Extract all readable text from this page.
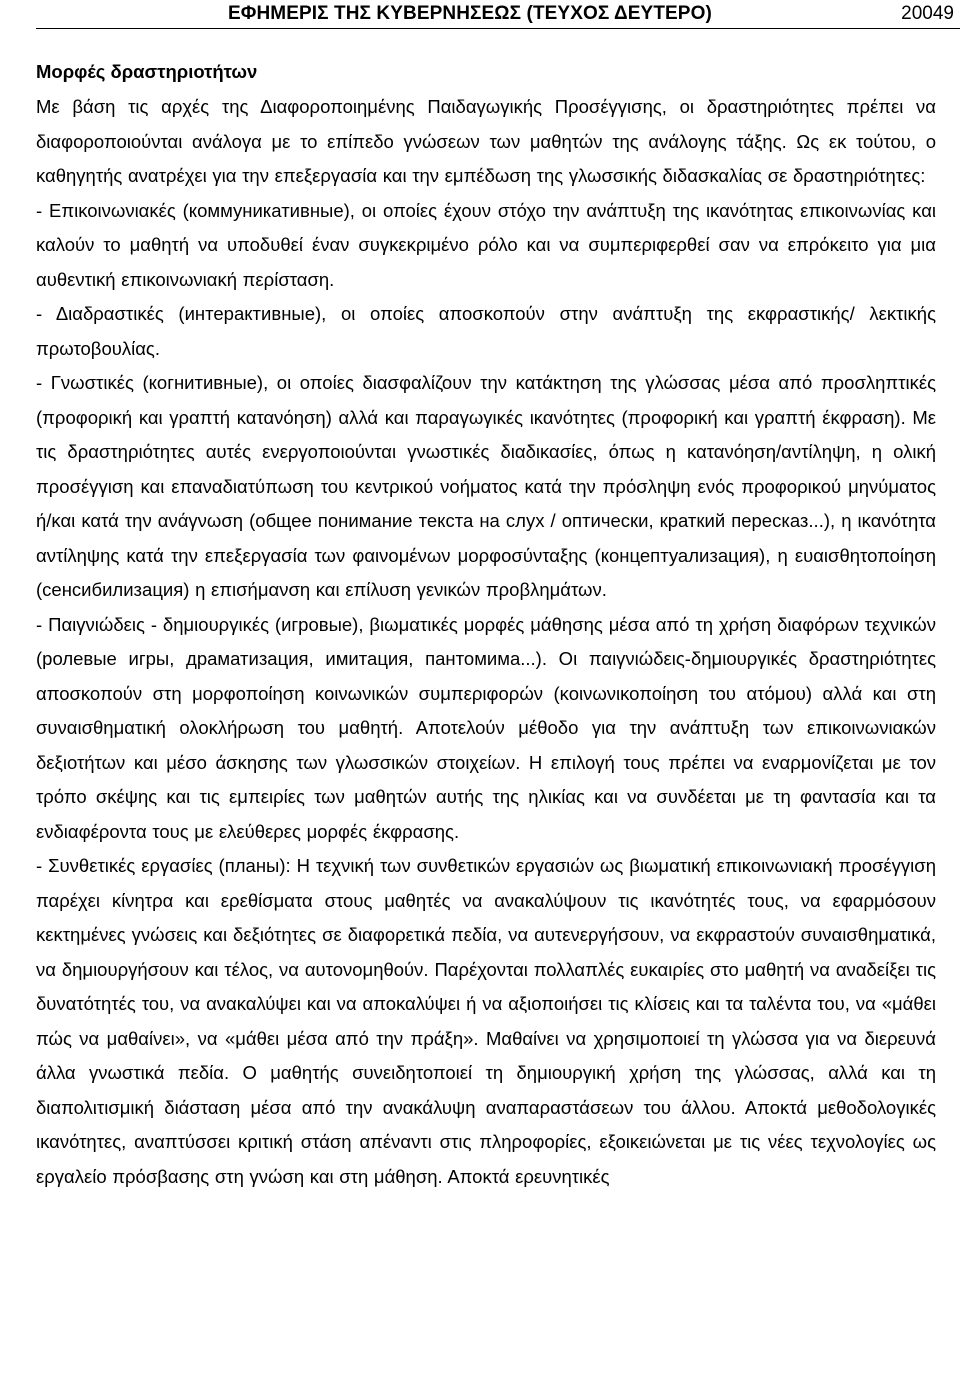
ΕΦΗΜΕΡΙΣ ΤΗΣ ΚΥΒΕΡΝΗΣΕΩΣ (ΤΕΥΧΟΣ ΔΕΥΤΕΡΟ)	20049
Μορφές δραστηριοτήτων

Με βάση τις αρχές της Διαφοροποιημένης Παιδαγωγικής Προσέγγισης, οι δραστηριότητες πρέπει να διαφοροποιούνται ανάλογα με το επίπεδο γνώσεων των μαθητών της ανάλογης τάξης. Ως εκ τούτου, ο καθηγητής ανατρέχει για την επεξεργασία και την εμπέδωση της γλωσσικής διδασκαλίας σε δραστηριότητες:

- Επικοινωνιακές (коммуникативные), οι οποίες έχουν στόχο την ανάπτυξη της ικανότητας επικοινωνίας και καλούν το μαθητή να υποδυθεί έναν συγκεκριμένο ρόλο και να συμπεριφερθεί σαν να επρόκειτο για μια αυθεντική επικοινωνιακή περίσταση.

- Διαδραστικές (интерактивные), οι οποίες αποσκοπούν στην ανάπτυξη της εκφραστικής/ λεκτικής πρωτοβουλίας.

- Γνωστικές (когнитивные), οι οποίες διασφαλίζουν την κατάκτηση της γλώσσας μέσα από προσληπτικές (προφορική και γραπτή κατανόηση) αλλά και παραγωγικές ικανότητες (προφορική και γραπτή έκφραση). Με τις δραστηριότητες αυτές ενεργοποιούνται γνωστικές διαδικασίες, όπως η κατανόηση/αντίληψη, η ολική προσέγγιση και επαναδιατύπωση του κεντρικού νοήματος κατά την πρόσληψη ενός προφορικού μηνύματος ή/και κατά την ανάγνωση (общее понимание текста на слух / оптически, краткий пересказ...), η ικανότητα αντίληψης κατά την επεξεργασία των φαινομένων μορφοσύνταξης (концептуализация), η ευαισθητοποίηση (сенсибилизация) η επισήμανση και επίλυση γενικών προβλημάτων.

- Παιγνιώδεις - δημιουργικές (игровые), βιωματικές μορφές μάθησης μέσα από τη χρήση διαφόρων τεχνικών (ролевые игры, драматизация, имитация, пантомима...). Οι παιγνιώδεις-δημιουργικές δραστηριότητες αποσκοπούν στη μορφοποίηση κοινωνικών συμπεριφορών (κοινωνικοποίηση του ατόμου) αλλά και στη συναισθηματική ολοκλήρωση του μαθητή. Αποτελούν μέθοδο για την ανάπτυξη των επικοινωνιακών δεξιοτήτων και μέσο άσκησης των γλωσσικών στοιχείων. Η επιλογή τους πρέπει να εναρμονίζεται με τον τρόπο σκέψης και τις εμπειρίες των μαθητών αυτής της ηλικίας και να συνδέεται με τη φαντασία και τα ενδιαφέροντα τους με ελεύθερες μορφές έκφρασης.

- Συνθετικές εργασίες (планы): Η τεχνική των συνθετικών εργασιών ως βιωματική επικοινωνιακή προσέγγιση παρέχει κίνητρα και ερεθίσματα στους μαθητές να ανακαλύψουν τις ικανότητές τους, να εφαρμόσουν κεκτημένες γνώσεις και δεξιότητες σε διαφορετικά πεδία, να αυτενεργήσουν, να εκφραστούν συναισθηματικά, να δημιουργήσουν και τέλος, να αυτονομηθούν. Παρέχονται πολλαπλές ευκαιρίες στο μαθητή να αναδείξει τις δυνατότητές του, να ανακαλύψει και να αποκαλύψει ή να αξιοποιήσει τις κλίσεις και τα ταλέντα του, να «μάθει πώς να μαθαίνει», να «μάθει μέσα από την πράξη». Μαθαίνει να χρησιμοποιεί τη γλώσσα για να διερευνά άλλα γνωστικά πεδία. Ο μαθητής συνειδητοποιεί τη δημιουργική χρήση της γλώσσας, αλλά και τη διαπολιτισμική διάσταση μέσα από την ανακάλυψη αναπαραστάσεων του άλλου. Αποκτά μεθοδολογικές ικανότητες, αναπτύσσει κριτική στάση απέναντι στις πληροφορίες, εξοικειώνεται με τις νέες τεχνολογίες ως εργαλείο πρόσβασης στη γνώση και στη μάθηση. Αποκτά ερευνητικές
